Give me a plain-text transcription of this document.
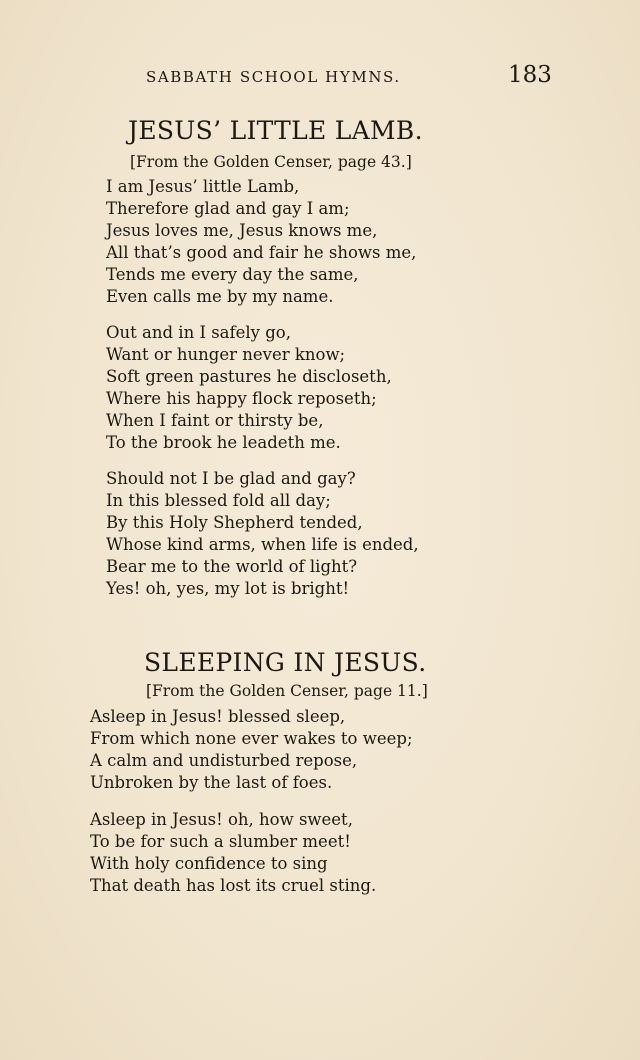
SABBATH SCHOOL HYMNS.	183
JESUS’ LITTLE LAMB.
[From the Golden Censer, page 43.]
I am Jesus’ little Lamb,
Therefore glad and gay I am;
Jesus loves me, Jesus knows me,
All that’s good and fair he shows me,
Tends me every day the same,
Even calls me by my name.
Out and in I safely go,
Want or hunger never know;
Soft green pastures he discloseth,
Where his happy flock reposeth;
When I faint or thirsty be,
To the brook he leadeth me.
Should not I be glad and gay?
In this blessed fold all day;
By this Holy Shepherd tended,
Whose kind arms, when life is ended,
Bear me to the world of light?
Yes! oh, yes, my lot is bright!
SLEEPING IN JESUS.
[From the Golden Censer, page 11.]
Asleep in Jesus! blessed sleep,
From which none ever wakes to weep;
A calm and undisturbed repose,
Unbroken by the last of foes.
Asleep in Jesus! oh, how sweet,
To be for such a slumber meet!
With holy confidence to sing
That death has lost its cruel sting.
